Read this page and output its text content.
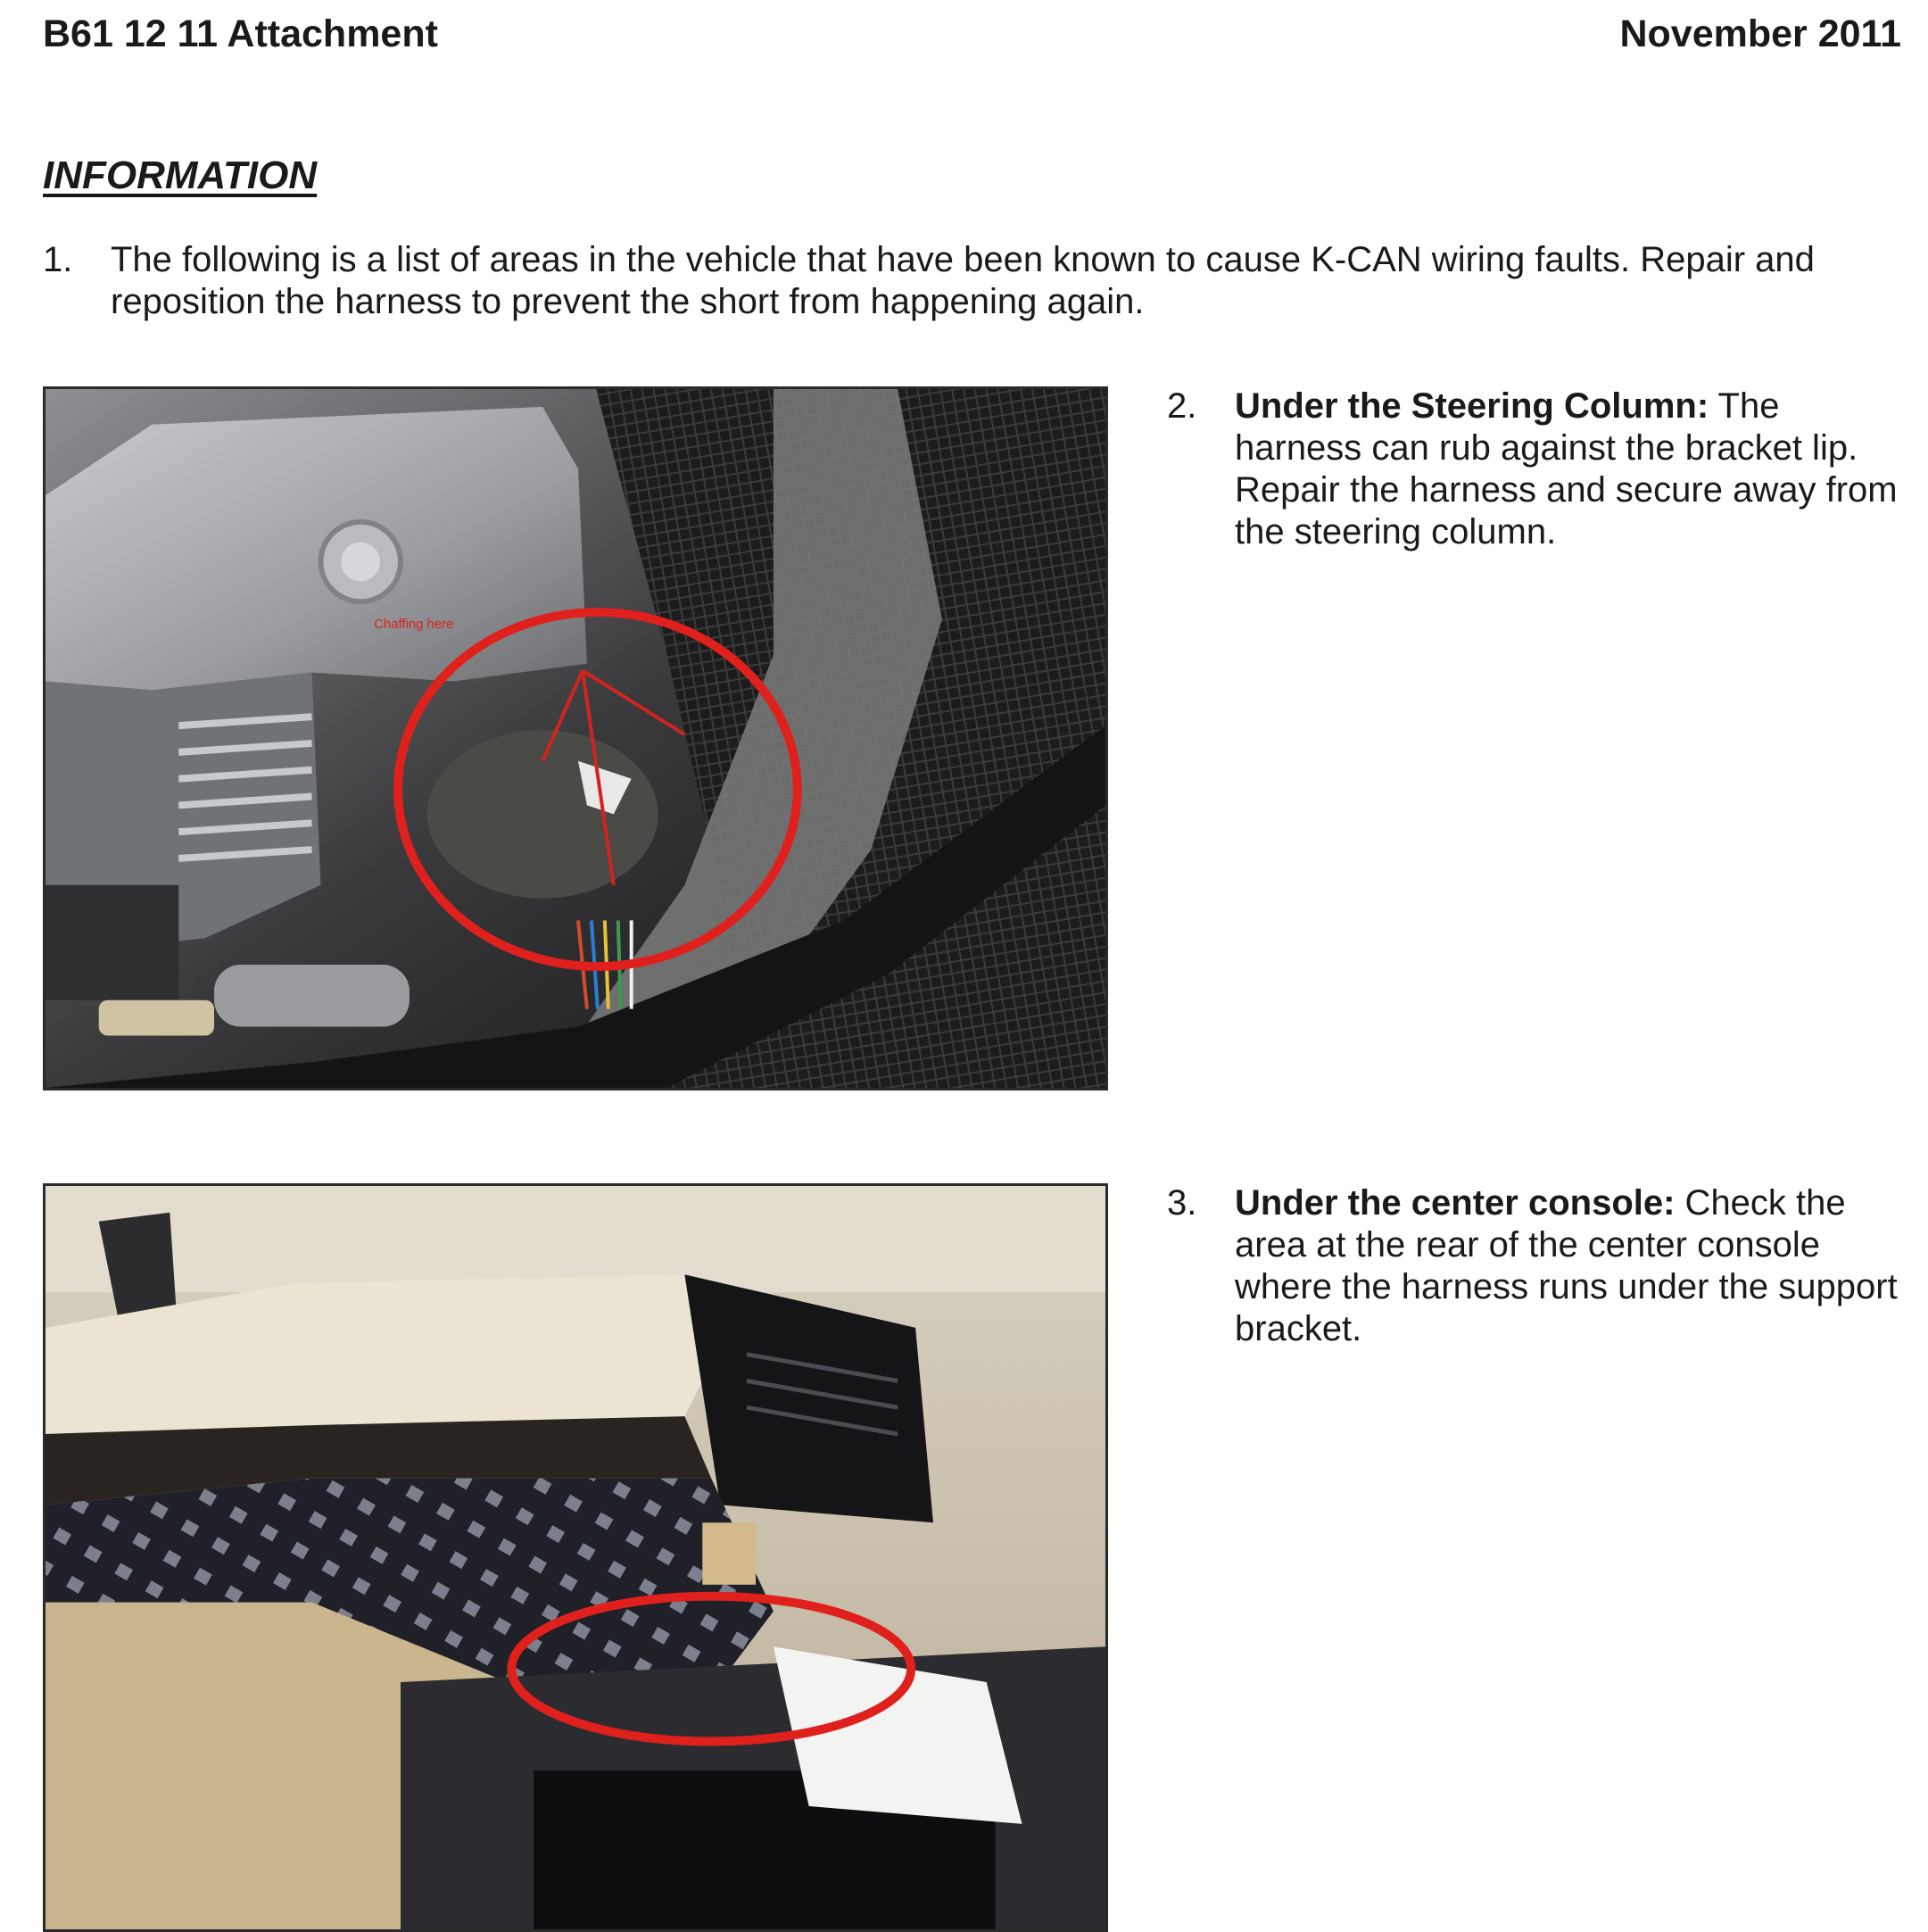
B61 12 11 Attachment	November 2011
INFORMATION
1. The following is a list of areas in the vehicle that have been known to cause K-CAN wiring faults. Repair and reposition the harness to prevent the short from happening again.
Chaffing here
2. Under the Steering Column: The harness can rub against the bracket lip. Repair the harness and secure away from the steering column.
3. Under the center console: Check the area at the rear of the center console where the harness runs under the support bracket.
